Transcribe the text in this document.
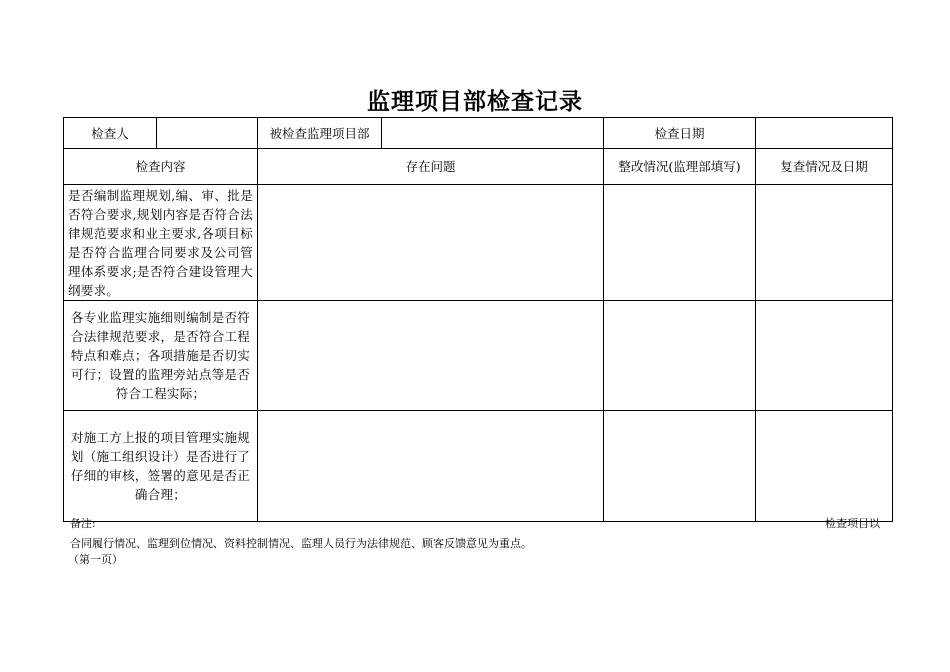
监理项目部检查记录
检查人		被检查监理项目部		检查日期	
检查内容		存在问题		整改情况(监理部填写)	复查情况及日期
是否编制监理规划,编、审、批是否符合要求,规划内容是否符合法律规范要求和业主要求,各项目标是否符合监理合同要求及公司管理体系要求;是否符合建设管理大纲要求。					
各专业监理实施细则编制是否符合法律规范要求，是否符合工程特点和难点；各项措施是否切实可行；设置的监理旁站点等是否符合工程实际；					
对施工方上报的项目管理实施规划（施工组织设计）是否进行了仔细的审核，签署的意见是否正确合理；					
备注:	检查项目以
合同履行情况、监理到位情况、资料控制情况、监理人员行为法律规范、顾客反馈意见为重点。
（第一页）
